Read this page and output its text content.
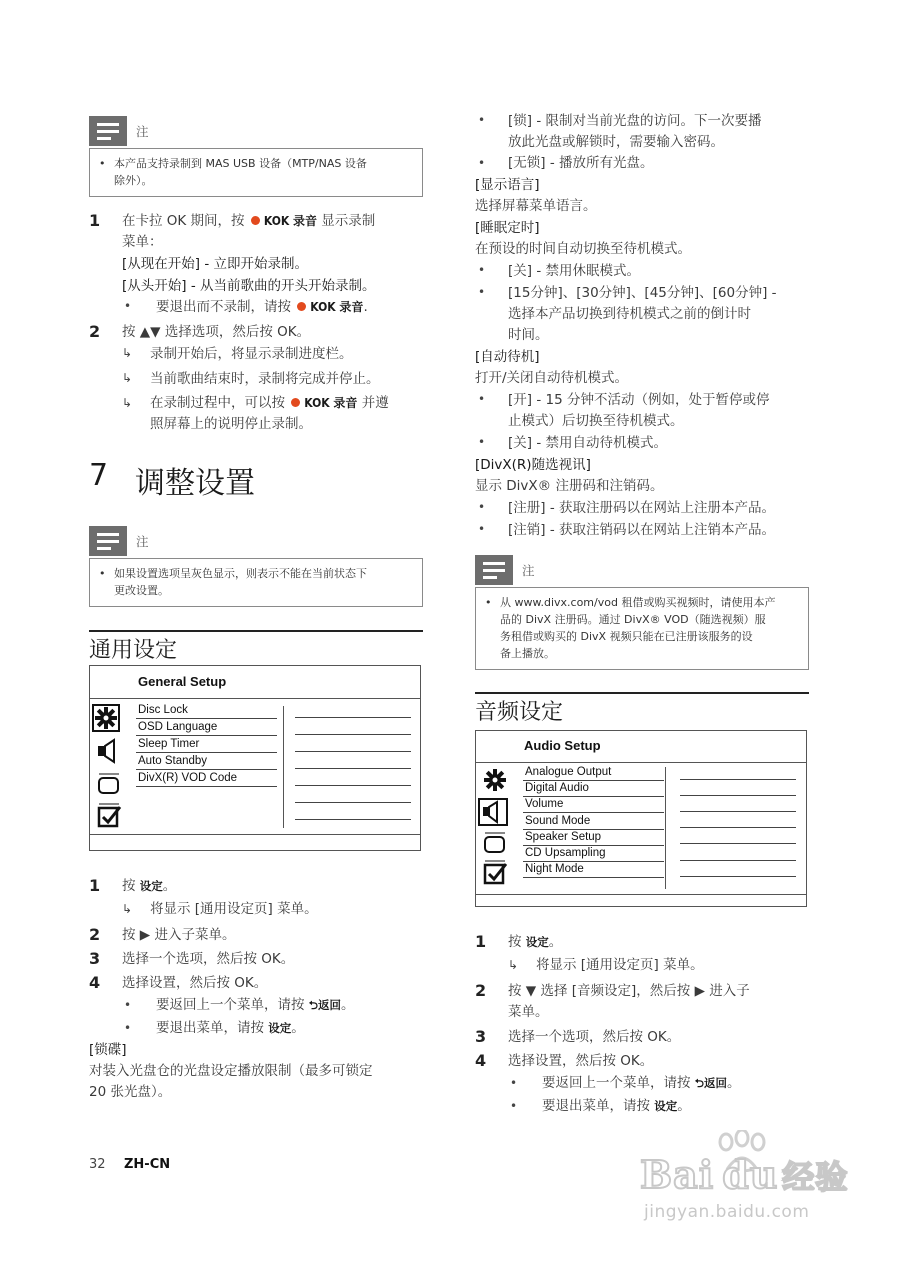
注
• 本产品支持录制到 MAS USB 设备（MTP/NAS 设备
除外）。
1 在卡拉 OK 期间，按 KOK 录音 显示录制
菜单：
[从现在开始] - 立即开始录制。
[从头开始] - 从当前歌曲的开头开始录制。
• 要退出而不录制，请按 KOK 录音.
2 按 ▲▼ 选择选项，然后按 OK。
↳ 录制开始后，将显示录制进度栏。
↳ 当前歌曲结束时，录制将完成并停止。
↳ 在录制过程中，可以按 KOK 录音 并遵
照屏幕上的说明停止录制。
7 调整设置
注
• 如果设置选项呈灰色显示，则表示不能在当前状态下
更改设置。
通用设定
General Setup
Disc Lock
OSD Language
Sleep Timer
Auto Standby
DivX(R) VOD Code
1 按 设定。
↳ 将显示 [通用设定页] 菜单。
2 按 ▶ 进入子菜单。
3 选择一个选项，然后按 OK。
4 选择设置，然后按 OK。
• 要返回上一个菜单，请按 ⮌返回。
• 要退出菜单，请按 设定。
[锁碟]
对装入光盘仓的光盘设定播放限制（最多可锁定
20 张光盘）。
32 ZH-CN
• [锁] - 限制对当前光盘的访问。下一次要播
放此光盘或解锁时，需要输入密码。
• [无锁] - 播放所有光盘。
[显示语言]
选择屏幕菜单语言。
[睡眠定时]
在预设的时间自动切换至待机模式。
• [关] - 禁用休眠模式。
• [15分钟]、[30分钟]、[45分钟]、[60分钟] -
选择本产品切换到待机模式之前的倒计时
时间。
[自动待机]
打开/关闭自动待机模式。
• [开] - 15 分钟不活动（例如，处于暂停或停
止模式）后切换至待机模式。
• [关] - 禁用自动待机模式。
[DivX(R)随选视讯]
显示 DivX® 注册码和注销码。
• [注册] - 获取注册码以在网站上注册本产品。
• [注销] - 获取注销码以在网站上注销本产品。
注
• 从 www.divx.com/vod 租借或购买视频时，请使用本产
品的 DivX 注册码。通过 DivX® VOD（随选视频）服
务租借或购买的 DivX 视频只能在已注册该服务的设
备上播放。
音频设定
Audio Setup
Analogue Output
Digital Audio
Volume
Sound Mode
Speaker Setup
CD Upsampling
Night Mode
1 按 设定。
↳ 将显示 [通用设定页] 菜单。
2 按 ▼ 选择 [音频设定]，然后按 ▶ 进入子
菜单。
3 选择一个选项，然后按 OK。
4 选择设置，然后按 OK。
• 要返回上一个菜单，请按 ⮌返回。
• 要退出菜单，请按 设定。
Bai du 经验
jingyan.baidu.com
